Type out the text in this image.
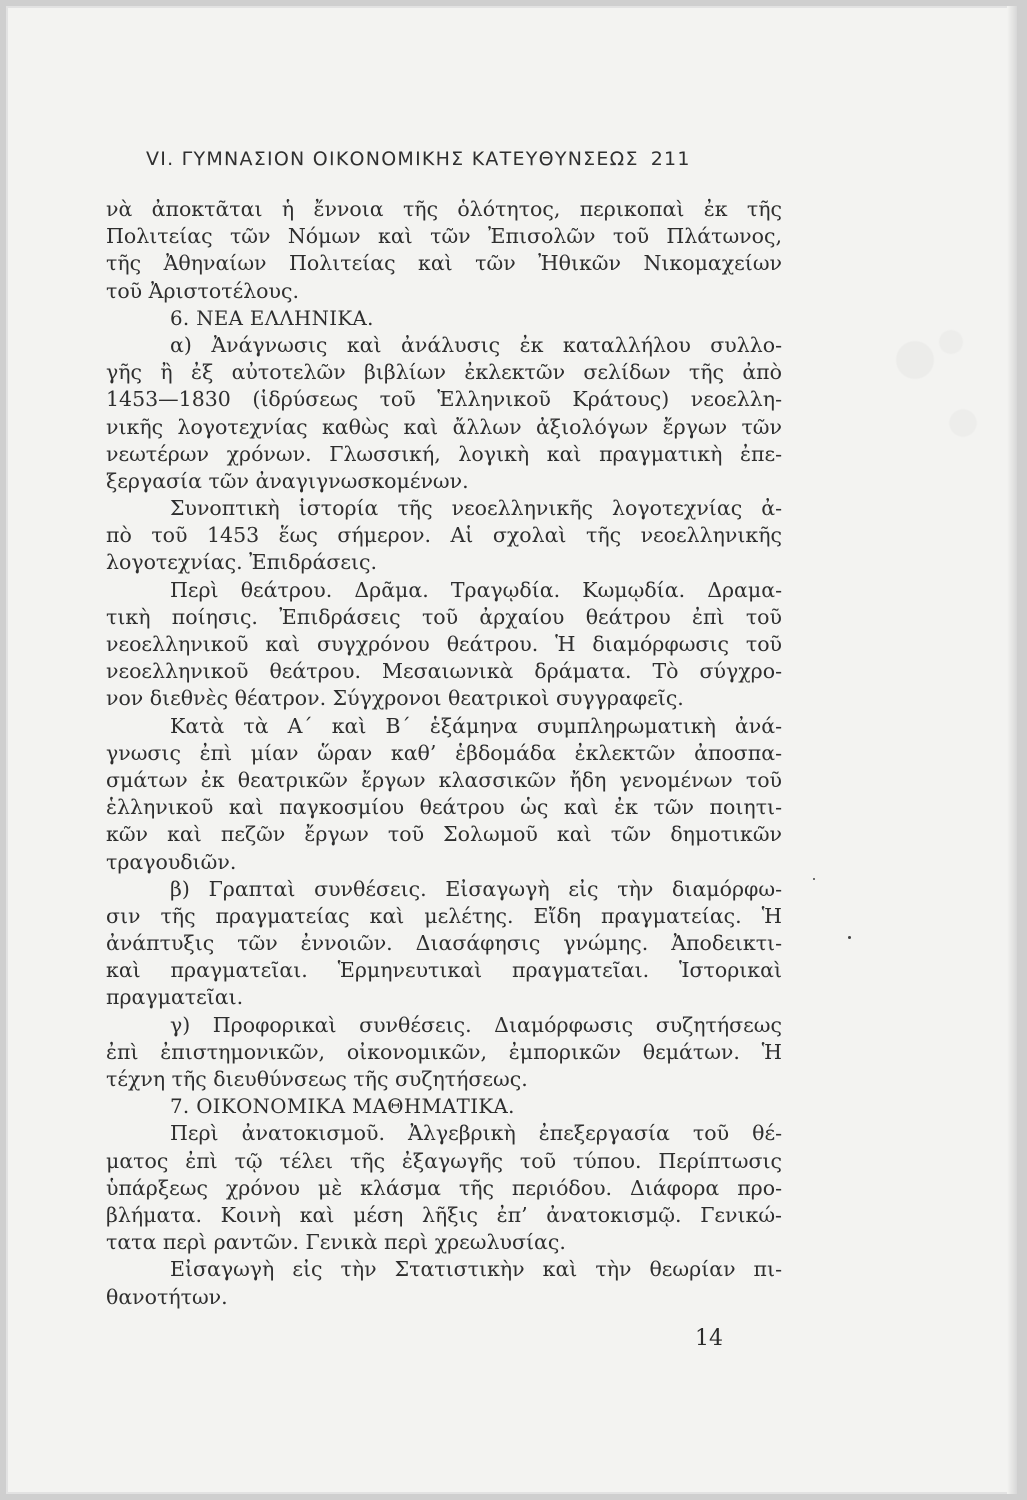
VI. ΓΥΜΝΑΣΙΟΝ ΟΙΚΟΝΟΜΙΚΗΣ ΚΑΤΕΥΘΥΝΣΕΩΣ 211
νὰ ἀποκτᾶται ἡ ἔννοια τῆς ὁλότητος, περικοπαὶ ἐκ τῆς
Πολιτείας τῶν Νόμων καὶ τῶν Ἐπισολῶν τοῦ Πλάτωνος,
τῆς Ἀθηναίων Πολιτείας καὶ τῶν Ἠθικῶν Νικομαχείων
τοῦ Ἀριστοτέλους.
6. ΝΕΑ ΕΛΛΗΝΙΚΑ.
α) Ἀνάγνωσις καὶ ἀνάλυσις ἐκ καταλλήλου συλλο-
γῆς ἢ ἐξ αὐτοτελῶν βιβλίων ἐκλεκτῶν σελίδων τῆς ἀπὸ
1453—1830 (ἱδρύσεως τοῦ Ἑλληνικοῦ Κράτους) νεοελλη-
νικῆς λογοτεχνίας καθὼς καὶ ἄλλων ἀξιολόγων ἔργων τῶν
νεωτέρων χρόνων. Γλωσσική, λογικὴ καὶ πραγματικὴ ἐπε-
ξεργασία τῶν ἀναγιγνωσκομένων.
Συνοπτικὴ ἱστορία τῆς νεοελληνικῆς λογοτεχνίας ἀ-
πὸ τοῦ 1453 ἕως σήμερον. Αἱ σχολαὶ τῆς νεοελληνικῆς
λογοτεχνίας. Ἐπιδράσεις.
Περὶ θεάτρου. Δρᾶμα. Τραγῳδία. Κωμῳδία. Δραμα-
τικὴ ποίησις. Ἐπιδράσεις τοῦ ἀρχαίου θεάτρου ἐπὶ τοῦ
νεοελληνικοῦ καὶ συγχρόνου θεάτρου. Ἡ διαμόρφωσις τοῦ
νεοελληνικοῦ θεάτρου. Μεσαιωνικὰ δράματα. Τὸ σύγχρο-
νον διεθνὲς θέατρον. Σύγχρονοι θεατρικοὶ συγγραφεῖς.
Κατὰ τὰ Α΄ καὶ Β΄ ἑξάμηνα συμπληρωματικὴ ἀνά-
γνωσις ἐπὶ μίαν ὥραν καθ’ ἑβδομάδα ἐκλεκτῶν ἀποσπα-
σμάτων ἐκ θεατρικῶν ἔργων κλασσικῶν ἤδη γενομένων τοῦ
ἑλληνικοῦ καὶ παγκοσμίου θεάτρου ὡς καὶ ἐκ τῶν ποιητι-
κῶν καὶ πεζῶν ἔργων τοῦ Σολωμοῦ καὶ τῶν δημοτικῶν
τραγουδιῶν.
β) Γραπταὶ συνθέσεις. Εἰσαγωγὴ εἰς τὴν διαμόρφω-
σιν τῆς πραγματείας καὶ μελέτης. Εἴδη πραγματείας. Ἡ
ἀνάπτυξις τῶν ἐννοιῶν. Διασάφησις γνώμης. Ἀποδεικτι-
καὶ πραγματεῖαι. Ἑρμηνευτικαὶ πραγματεῖαι. Ἱστορικαὶ
πραγματεῖαι.
γ) Προφορικαὶ συνθέσεις. Διαμόρφωσις συζητήσεως
ἐπὶ ἐπιστημονικῶν, οἰκονομικῶν, ἐμπορικῶν θεμάτων. Ἡ
τέχνη τῆς διευθύνσεως τῆς συζητήσεως.
7. ΟΙΚΟΝΟΜΙΚΑ ΜΑΘΗΜΑΤΙΚΑ.
Περὶ ἀνατοκισμοῦ. Ἀλγεβρικὴ ἐπεξεργασία τοῦ θέ-
ματος ἐπὶ τῷ τέλει τῆς ἐξαγωγῆς τοῦ τύπου. Περίπτωσις
ὑπάρξεως χρόνου μὲ κλάσμα τῆς περιόδου. Διάφορα προ-
βλήματα. Κοινὴ καὶ μέση λῆξις ἐπ’ ἀνατοκισμῷ. Γενικώ-
τατα περὶ ραντῶν. Γενικὰ περὶ χρεωλυσίας.
Εἰσαγωγὴ εἰς τὴν Στατιστικὴν καὶ τὴν θεωρίαν πι-
θανοτήτων.
14
